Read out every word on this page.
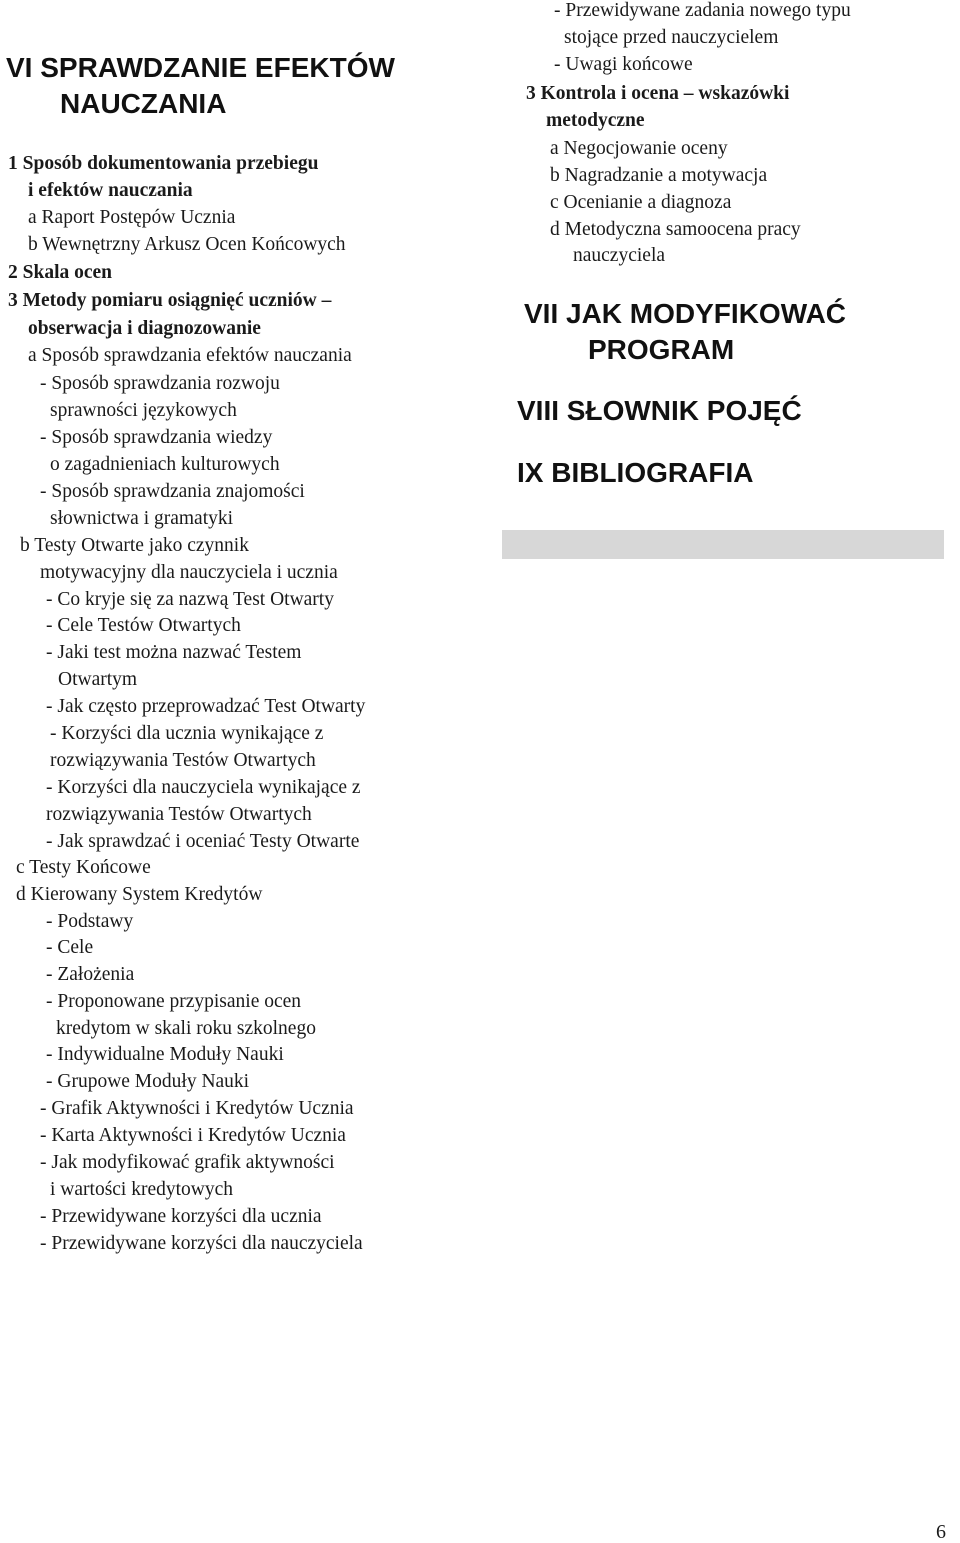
VI SPRAWDZANIE EFEKTÓW
NAUCZANIA
1 Sposób dokumentowania przebiegu
i efektów nauczania
a Raport Postępów Ucznia
b Wewnętrzny Arkusz Ocen Końcowych
2 Skala ocen
3 Metody pomiaru osiągnięć uczniów –
obserwacja i diagnozowanie
a Sposób sprawdzania efektów nauczania
- Sposób sprawdzania rozwoju
sprawności językowych
- Sposób sprawdzania wiedzy
o zagadnieniach kulturowych
- Sposób sprawdzania znajomości
słownictwa i gramatyki
b Testy Otwarte jako czynnik
motywacyjny dla nauczyciela i ucznia
- Co kryje się za nazwą Test Otwarty
- Cele Testów Otwartych
- Jaki test można nazwać Testem
Otwartym
- Jak często przeprowadzać Test Otwarty
- Korzyści dla ucznia wynikające z
rozwiązywania Testów Otwartych
- Korzyści dla nauczyciela wynikające z
rozwiązywania Testów Otwartych
- Jak sprawdzać i oceniać Testy Otwarte
c Testy Końcowe
d Kierowany System Kredytów
- Podstawy
- Cele
- Założenia
- Proponowane przypisanie ocen
kredytom w skali roku szkolnego
- Indywidualne Moduły Nauki
- Grupowe Moduły Nauki
- Grafik Aktywności i Kredytów Ucznia
- Karta Aktywności i Kredytów Ucznia
- Jak modyfikować grafik aktywności
i wartości kredytowych
- Przewidywane korzyści dla ucznia
- Przewidywane korzyści dla nauczyciela
- Przewidywane zadania nowego typu
stojące przed nauczycielem
- Uwagi końcowe
3 Kontrola i ocena – wskazówki
metodyczne
a Negocjowanie oceny
b Nagradzanie a motywacja
c Ocenianie a diagnoza
d Metodyczna samoocena pracy
nauczyciela
VII JAK MODYFIKOWAĆ
PROGRAM
VIII SŁOWNIK POJĘĆ
IX BIBLIOGRAFIA
6
